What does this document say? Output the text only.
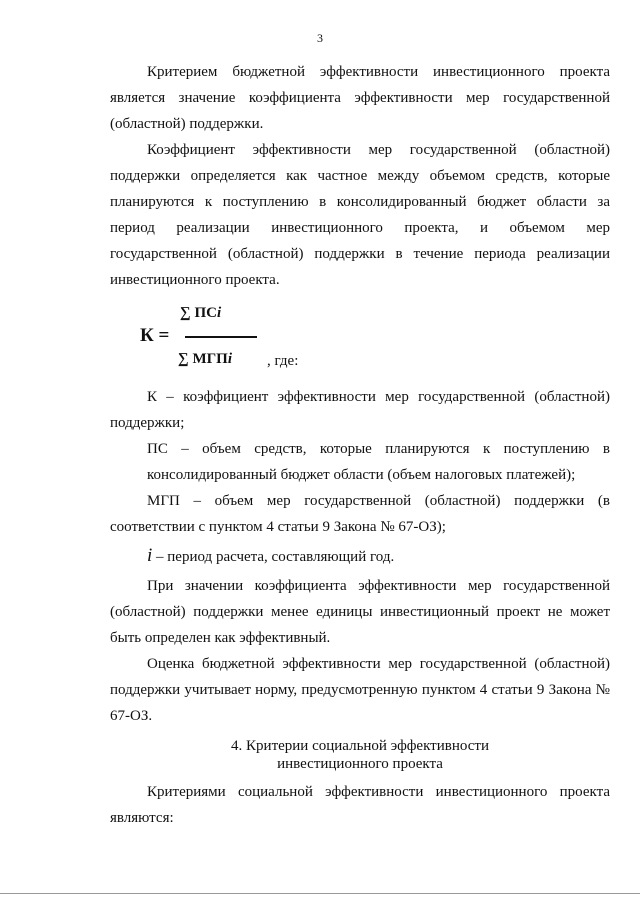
3

Критерием бюджетной эффективности инвестиционного проекта

является значение коэффициента эффективности мер государственной

(областной) поддержки.

Коэффициент эффективности мер государственной (областной)

поддержки определяется как частное между объемом средств, которые

планируются к поступлению в консолидированный бюджет области за

период реализации инвестиционного проекта, и объемом мер

государственной (областной) поддержки в течение периода реализации

инвестиционного проекта.

∑ ПСi
К =
∑ МГПi , где:

К – коэффициент эффективности мер государственной (областной)

поддержки;

ПС – объем средств, которые планируются к поступлению в

консолидированный бюджет области (объем налоговых платежей);

МГП – объем мер государственной (областной) поддержки (в

соответствии с пунктом 4 статьи 9 Закона № 67-ОЗ);

i – период расчета, составляющий год.

При значении коэффициента эффективности мер государственной

(областной) поддержки менее единицы инвестиционный проект не может

быть определен как эффективный.

Оценка бюджетной эффективности мер государственной (областной)

поддержки учитывает норму, предусмотренную пунктом 4 статьи 9 Закона №

67-ОЗ.

4. Критерии социальной эффективности
инвестиционного проекта

Критериями социальной эффективности инвестиционного проекта

являются:
